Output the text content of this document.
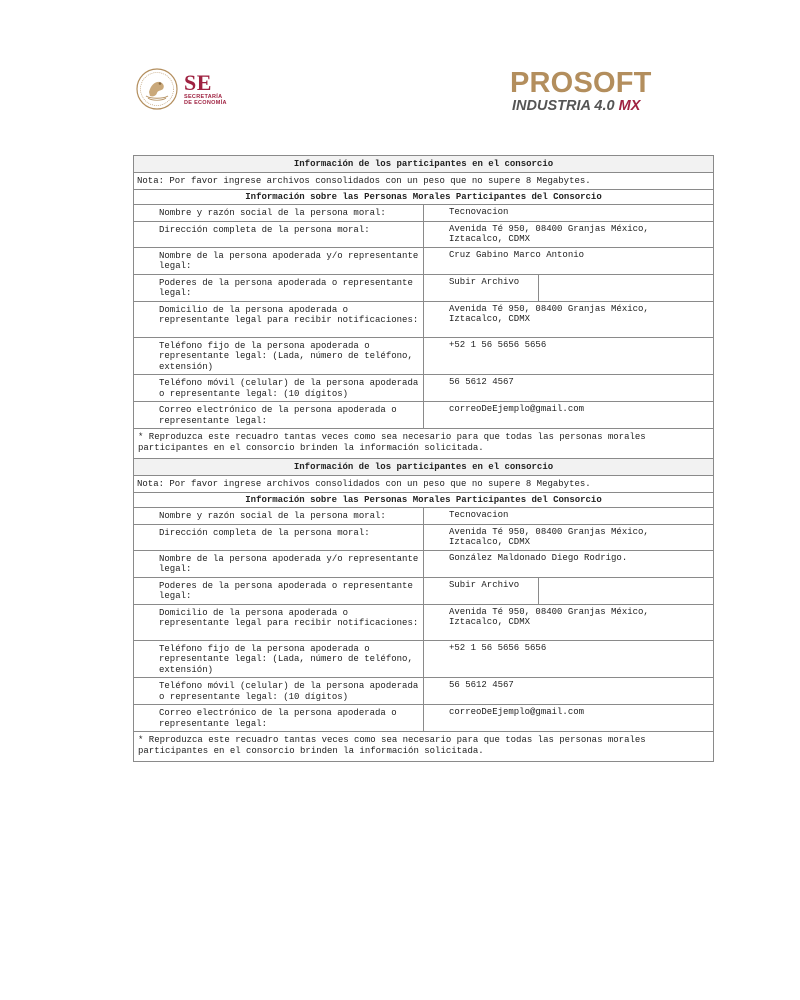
SE
SECRETARÍA
DE ECONOMÍA
PROSOFT
INDUSTRIA 4.0 MX
Información de los participantes en el consorcio		
Nota: Por favor ingrese archivos consolidados con un peso que no supere 8 Megabytes.		
Información sobre las Personas Morales Participantes del Consorcio		
Nombre y razón social de la persona moral:	Tecnovacion	
Dirección completa de la persona moral:	Avenida Té 950, 08400 Granjas México, Iztacalco, CDMX	
Nombre de la persona apoderada y/o representante legal:	Cruz Gabino Marco Antonio	
Poderes de la persona apoderada o representante legal:	Subir Archivo	
Domicilio de la persona apoderada o representante legal para recibir notificaciones:	Avenida Té 950, 08400 Granjas México, Iztacalco, CDMX	
Teléfono fijo de la persona apoderada o representante legal: (Lada, número de teléfono, extensión)	+52 1 56 5656 5656	
Teléfono móvil (celular) de la persona apoderada o representante legal: (10 dígitos)	56 5612 4567	
Correo electrónico de la persona apoderada o representante legal:	correoDeEjemplo@gmail.com	
* Reproduzca este recuadro tantas veces como sea necesario para que todas las personas morales participantes en el consorcio brinden la información solicitada.		

Información de los participantes en el consorcio		
Nota: Por favor ingrese archivos consolidados con un peso que no supere 8 Megabytes.		
Información sobre las Personas Morales Participantes del Consorcio		
Nombre y razón social de la persona moral:	Tecnovacion	
Dirección completa de la persona moral:	Avenida Té 950, 08400 Granjas México, Iztacalco, CDMX	
Nombre de la persona apoderada y/o representante legal:	González Maldonado Diego Rodrigo.	
Poderes de la persona apoderada o representante legal:	Subir Archivo	
Domicilio de la persona apoderada o representante legal para recibir notificaciones:	Avenida Té 950, 08400 Granjas México, Iztacalco, CDMX	
Teléfono fijo de la persona apoderada o representante legal: (Lada, número de teléfono, extensión)	+52 1 56 5656 5656	
Teléfono móvil (celular) de la persona apoderada o representante legal: (10 dígitos)	56 5612 4567	
Correo electrónico de la persona apoderada o representante legal:	correoDeEjemplo@gmail.com	
* Reproduzca este recuadro tantas veces como sea necesario para que todas las personas morales participantes en el consorcio brinden la información solicitada.		
